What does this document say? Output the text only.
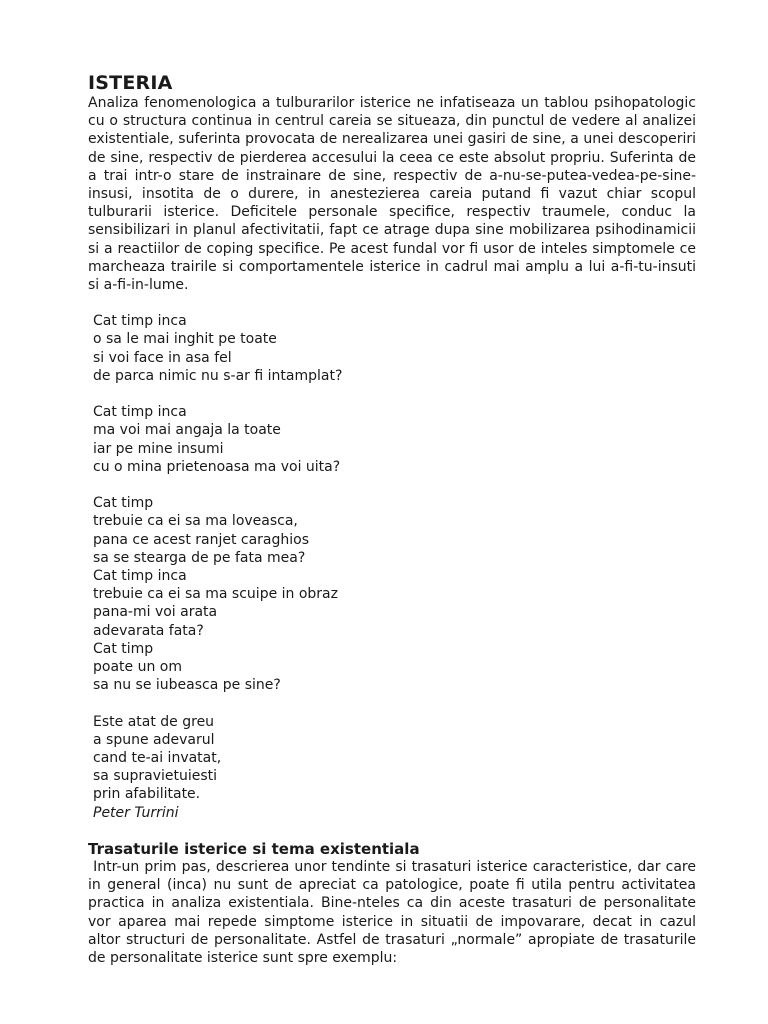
ISTERIA

Analiza fenomenologica a tulburarilor isterice ne infatiseaza un tablou psihopatologic cu o structura continua in centrul careia se situeaza, din punctul de vedere al analizei existentiale, suferinta provocata de nerealizarea unei gasiri de sine, a unei descoperiri de sine, respectiv de pierderea accesului la ceea ce este absolut propriu. Suferinta de a trai intr-o stare de instrainare de sine, respectiv de a-nu-se-putea-vedea-pe-sine-insusi, insotita de o durere, in anestezierea careia putand fi vazut chiar scopul tulburarii isterice. Deficitele personale specifice, respectiv traumele, conduc la sensibilizari in planul afectivitatii, fapt ce atrage dupa sine mobilizarea psihodinamicii si a reactiilor de coping specifice. Pe acest fundal vor fi usor de inteles simptomele ce marcheaza trairile si comportamentele isterice in cadrul mai amplu a lui a-fi-tu-insuti si a-fi-in-lume.

Cat timp inca
o sa le mai inghit pe toate
si voi face in asa fel
de parca nimic nu s-ar fi intamplat?
Cat timp inca
ma voi mai angaja la toate
iar pe mine insumi
cu o mina prietenoasa ma voi uita?
Cat timp
trebuie ca ei sa ma loveasca,
pana ce acest ranjet caraghios
sa se stearga de pe fata mea?
Cat timp inca
trebuie ca ei sa ma scuipe in obraz
pana-mi voi arata
adevarata fata?
Cat timp
poate un om
sa nu se iubeasca pe sine?
Este atat de greu
a spune adevarul
cand te-ai invatat,
sa supravietuiesti
prin afabilitate.
Peter Turrini
Trasaturile isterice si tema existentiala

Intr-un prim pas, descrierea unor tendinte si trasaturi isterice caracteristice, dar care in general (inca) nu sunt de apreciat ca patologice, poate fi utila pentru activitatea practica in analiza existentiala. Bine-nteles ca din aceste trasaturi de personalitate vor aparea mai repede simptome isterice in situatii de impovarare, decat in cazul altor structuri de personalitate. Astfel de trasaturi „normale” apropiate de trasaturile de personalitate isterice sunt spre exemplu:
